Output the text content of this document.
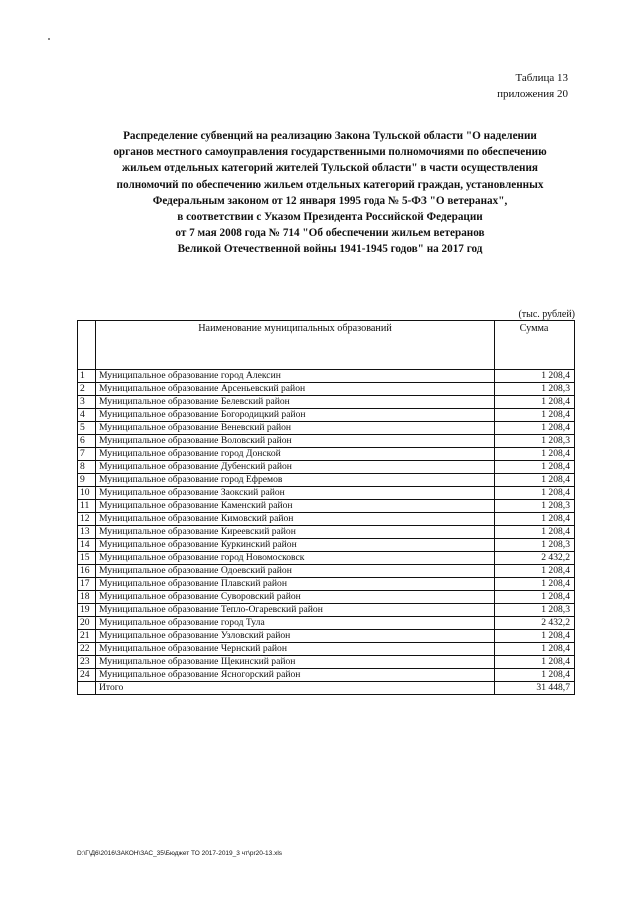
Таблица 13
приложения 20
Распределение субвенций на реализацию Закона Тульской области "О наделении
органов местного самоуправления государственными полномочиями по обеспечению
жильем отдельных категорий жителей Тульской области" в части осуществления
полномочий по обеспечению жильем отдельных категорий граждан, установленных
Федеральным законом от 12 января 1995 года № 5-ФЗ "О ветеранах",
в соответствии с Указом Президента Российской Федерации
от 7 мая 2008 года № 714 "Об обеспечении жильем ветеранов
Великой Отечественной войны 1941-1945 годов" на 2017 год
(тыс. рублей)
	Наименование муниципальных образований	Сумма
1	Муниципальное образование город Алексин	1 208,4
2	Муниципальное образование Арсеньевский район	1 208,3
3	Муниципальное образование Белевский район	1 208,4
4	Муниципальное образование Богородицкий район	1 208,4
5	Муниципальное образование Веневский район	1 208,4
6	Муниципальное образование Воловский район	1 208,3
7	Муниципальное образование город Донской	1 208,4
8	Муниципальное образование Дубенский район	1 208,4
9	Муниципальное образование город Ефремов	1 208,4
10	Муниципальное образование Заокский район	1 208,4
11	Муниципальное образование Каменский район	1 208,3
12	Муниципальное образование Кимовский район	1 208,4
13	Муниципальное образование Киреевский район	1 208,4
14	Муниципальное образование Куркинский район	1 208,3
15	Муниципальное образование город Новомосковск	2 432,2
16	Муниципальное образование Одоевский район	1 208,4
17	Муниципальное образование Плавский район	1 208,4
18	Муниципальное образование Суворовский район	1 208,4
19	Муниципальное образование Тепло-Огаревский район	1 208,3
20	Муниципальное образование город Тула	2 432,2
21	Муниципальное образование Узловский район	1 208,4
22	Муниципальное образование Чернский район	1 208,4
23	Муниципальное образование Щекинский район	1 208,4
24	Муниципальное образование Ясногорский район	1 208,4
	Итого	31 448,7
D:\Г\Д6\2016\ЗАКОН\ЗАС_35\Бюджет ТО 2017-2019_3 чт\pr20-13.xls
